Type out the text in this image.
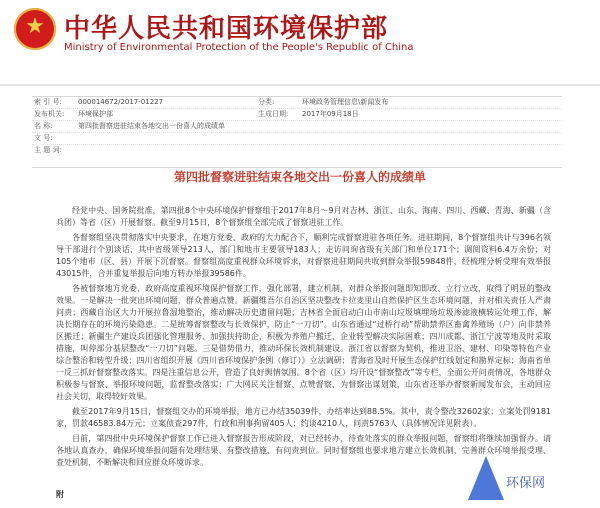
★
中华人民共和国环境保护部
Ministry of Environmental Protection of the People's Republic of China
索 引 号:	000014672/2017-01227	分类:	环境政务管理信息\新闻发布
发布机关:	环境保护部	生成日期:	2017年09月18日
名 称:	第四批督察进驻结束各地交出一份喜人的成绩单
文 号:
主 题 词:
第四批督察进驻结束各地交出一份喜人的成绩单

经党中央、国务院批准，第四批8个中央环境保护督察组于2017年8月～9月对吉林、浙江、山东、海南、四川、西藏、青海、新疆（含兵团）等省（区）开展督察。截至9月15日，8个督察组全部完成了督察进驻工作。

各督察组坚决贯彻落实中央要求，在地方党委、政府的大力配合下，顺利完成督察进驻各项任务。进驻期间，8个督察组共计与396名领导干部进行个别谈话，其中省级领导213人，部门和地市主要领导183人；走访问询省级有关部门和单位171个；调阅资料6.4万余份；对105个地市（区、县）开展下沉督察。督察组高度重视群众环境诉求，对督察进驻期间共收到群众举报59848件，经梳理分析受理有效举报43015件，合并重复举报后向地方转办举报39586件。

各被督察地方党委、政府高度重视环境保护督察工作，强化部署，建立机制，对群众举报问题即知即改、立行立改，取得了明显的整改效果。一是解决一批突出环境问题，群众普遍点赞。新疆维吾尔自治区坚决整改卡拉麦里山自然保护区生态环境问题，并对相关责任人严肃问责；西藏自治区大力开展拉鲁湿地整治，推动解决历史遗留问题；吉林省全面启动白山市南山垃圾填埋场垃圾渗滤液横转运处理工作，解决长期存在的环境污染隐患。二是统筹督察整改与长效保护，防止“一刀切”。山东省通过“过桥行动”帮助禁养区畜禽养殖场（户）向非禁养区搬迁；新疆生产建设兵团强化管理服务、加强扶持助企，积极为养殖户搬迁、企业转型解决实际困难；四川成都、浙江宁波等地及时采取措施，叫停部分基层整改“一刀切”问题。三是借势借力，推动环保长效机制建设。浙江省以督察为契机，推进卫浴、建材、印染等特色产业综合整治和转型升级；四川省组织开展《四川省环境保护条例（修订）》立法调研；青海省及时开展生态保护红线划定和勘界定标；海南省单一反三抓好督察整改落实。四是注重信息公开，营造了良好舆情氛围。8个省（区）均开设“督察整改”等专栏，全面公开问责情况，各地群众积极参与督察、举报环境问题，监督整改落实；广大网民关注督察、点赞督察，为督察出谋划策，山东省还举办督察新闻发布会，主动回应社会关切，取得较好效果。

截至2017年9月15日，督察组交办的环境举报，地方已办结35039件，办结率达到88.5%。其中，责令整改32602家；立案处罚9181家，罚款46583.84万元；立案侦查297件，行政和刑事拘留405人；约谈4210人，问责5763人（具体情况详见附表）。

目前，第四批中央环境保护督察工作已进入督察报告形成阶段，对已经转办，待查处落实的群众举报问题，督察组将继续加强督办。请各地认真查办，确保环境举报问题有处理结果、有整改措施、有问责到位。同时督察组也要求地方建立长效机制，完善群众环境举报受理、查处机制，不断解决和回应群众环境诉求。

附
环保网
